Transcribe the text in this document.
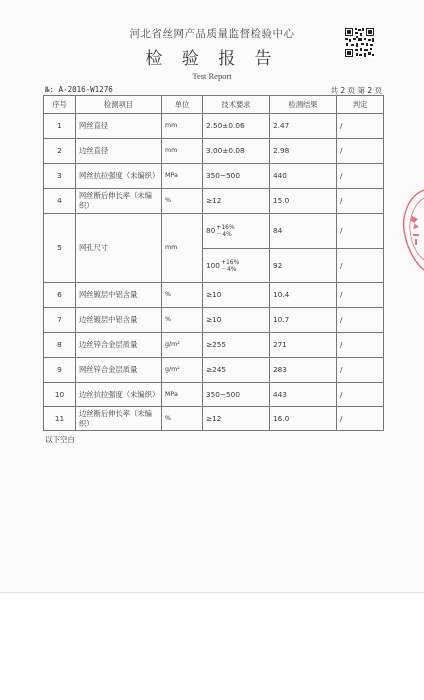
河北省丝网产品质量监督检验中心
检 验 报 告
Test Report
№: A-2016-W1276	共 2 页 第 2 页
序号	检测项目	单位	技术要求	检测结果	判定
1	网丝直径	mm	2.50±0.06	2.47	/
2	边丝直径	mm	3.00±0.08	2.98	/
3	网丝抗拉强度（未编织）	MPa	350~500	440	/
4	网丝断后伸长率（未编织）	%	≥12	15.0	/
5	网孔尺寸	mm	80 +16%
－4%	84	/
			100 +16%
－4%	92	/
6	网丝镀层中铝含量	%	≥10	10.4	/
7	边丝镀层中铝含量	%	≥10	10.7	/
8	边丝锌合金层质量	g/m²	≥255	271	/
9	网丝锌合金层质量	g/m²	≥245	283	/
10	边丝抗拉强度（未编织）	MPa	350~500	443	/
11	边丝断后伸长率（未编织）	%	≥12	16.0	/
以下空白
